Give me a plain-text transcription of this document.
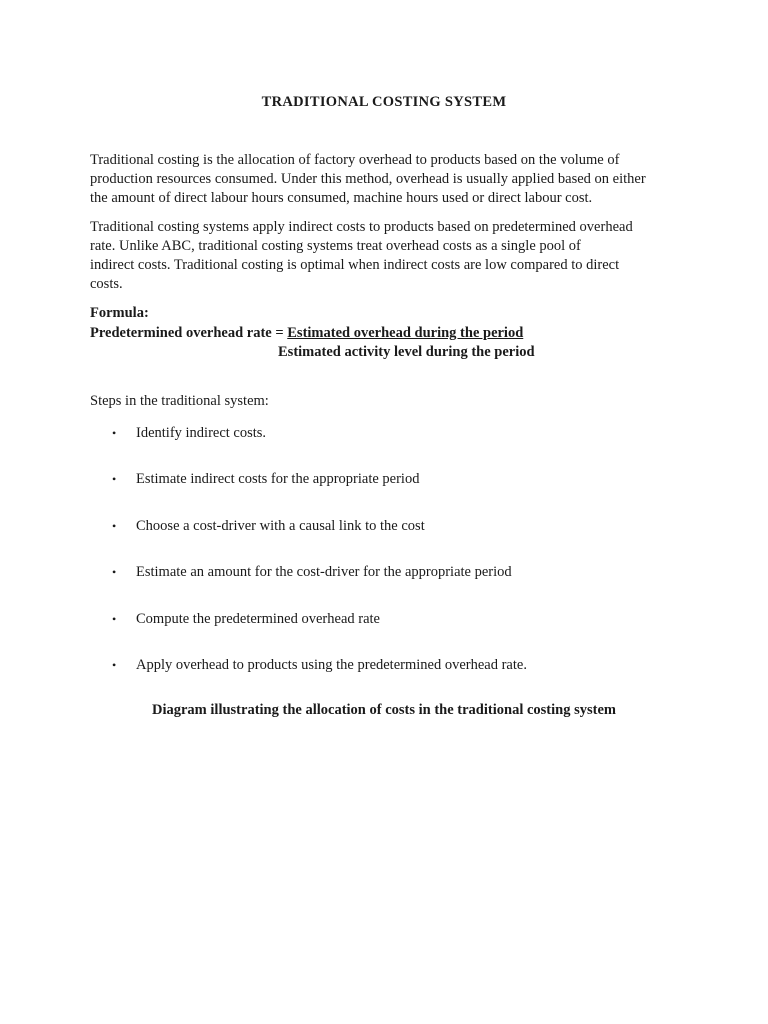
TRADITIONAL COSTING SYSTEM

Traditional costing is the allocation of factory overhead to products based on the volume of
production resources consumed. Under this method, overhead is usually applied based on either
the amount of direct labour hours consumed, machine hours used or direct labour cost.

Traditional costing systems apply indirect costs to products based on predetermined overhead
rate. Unlike ABC, traditional costing systems treat overhead costs as a single pool of
indirect costs. Traditional costing is optimal when indirect costs are low compared to direct
costs.

Formula:
Predetermined overhead rate = Estimated overhead during the period
Estimated activity level during the period
Steps in the traditional system:
• Identify indirect costs.
• Estimate indirect costs for the appropriate period
• Choose a cost-driver with a causal link to the cost
• Estimate an amount for the cost-driver for the appropriate period
• Compute the predetermined overhead rate
• Apply overhead to products using the predetermined overhead rate.
Diagram illustrating the allocation of costs in the traditional costing system
